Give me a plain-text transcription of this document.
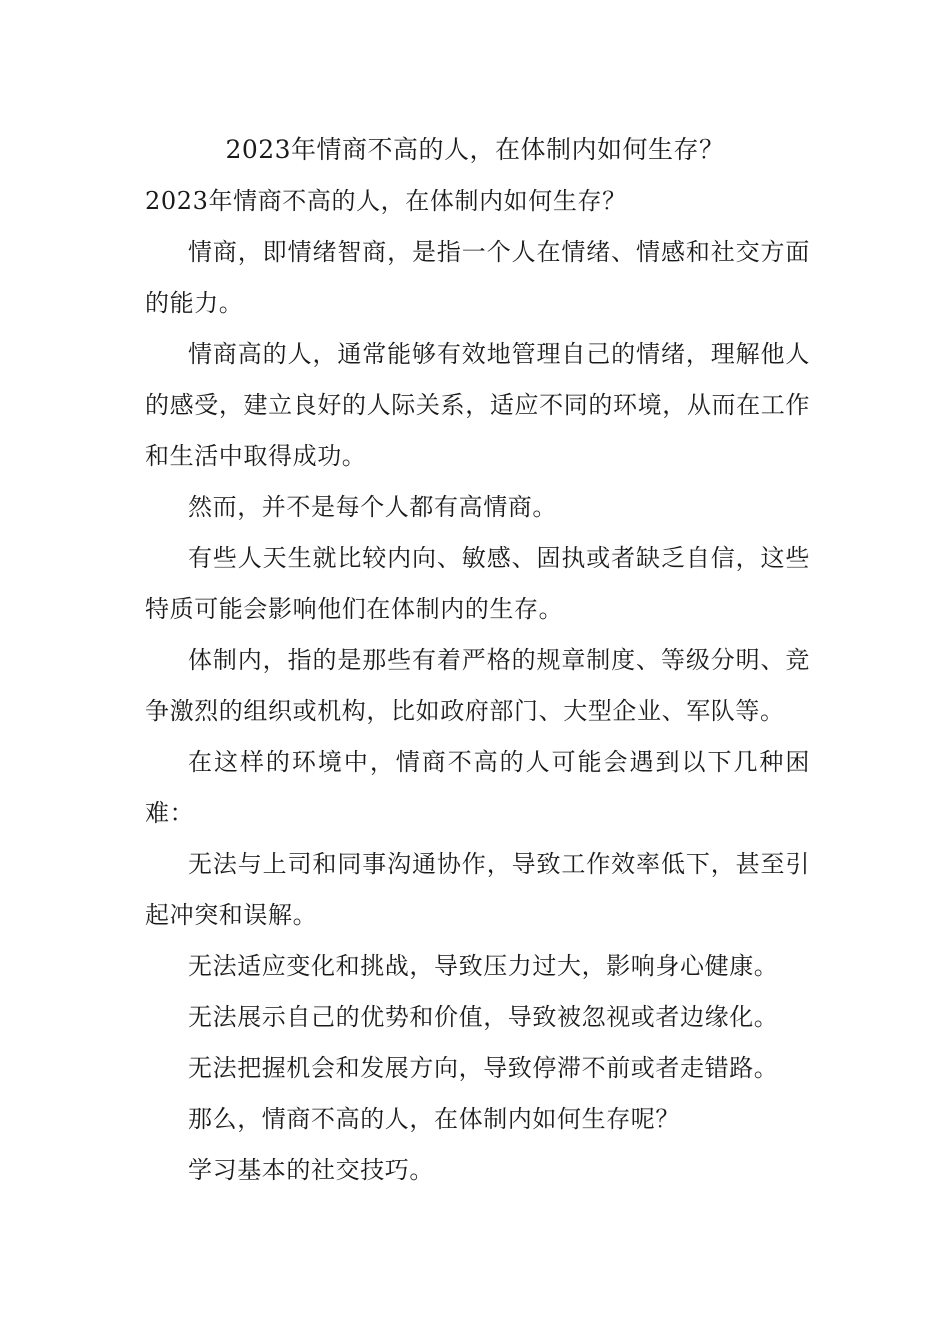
2023年情商不高的人，在体制内如何生存？

2023年情商不高的人，在体制内如何生存？

情商，即情绪智商，是指一个人在情绪、情感和社交方面的能力。

情商高的人，通常能够有效地管理自己的情绪，理解他人的感受，建立良好的人际关系，适应不同的环境，从而在工作和生活中取得成功。

然而，并不是每个人都有高情商。

有些人天生就比较内向、敏感、固执或者缺乏自信，这些特质可能会影响他们在体制内的生存。

体制内，指的是那些有着严格的规章制度、等级分明、竞争激烈的组织或机构，比如政府部门、大型企业、军队等。

在这样的环境中，情商不高的人可能会遇到以下几种困难：

无法与上司和同事沟通协作，导致工作效率低下，甚至引起冲突和误解。

无法适应变化和挑战，导致压力过大，影响身心健康。

无法展示自己的优势和价值，导致被忽视或者边缘化。

无法把握机会和发展方向，导致停滞不前或者走错路。

那么，情商不高的人，在体制内如何生存呢？

学习基本的社交技巧。
